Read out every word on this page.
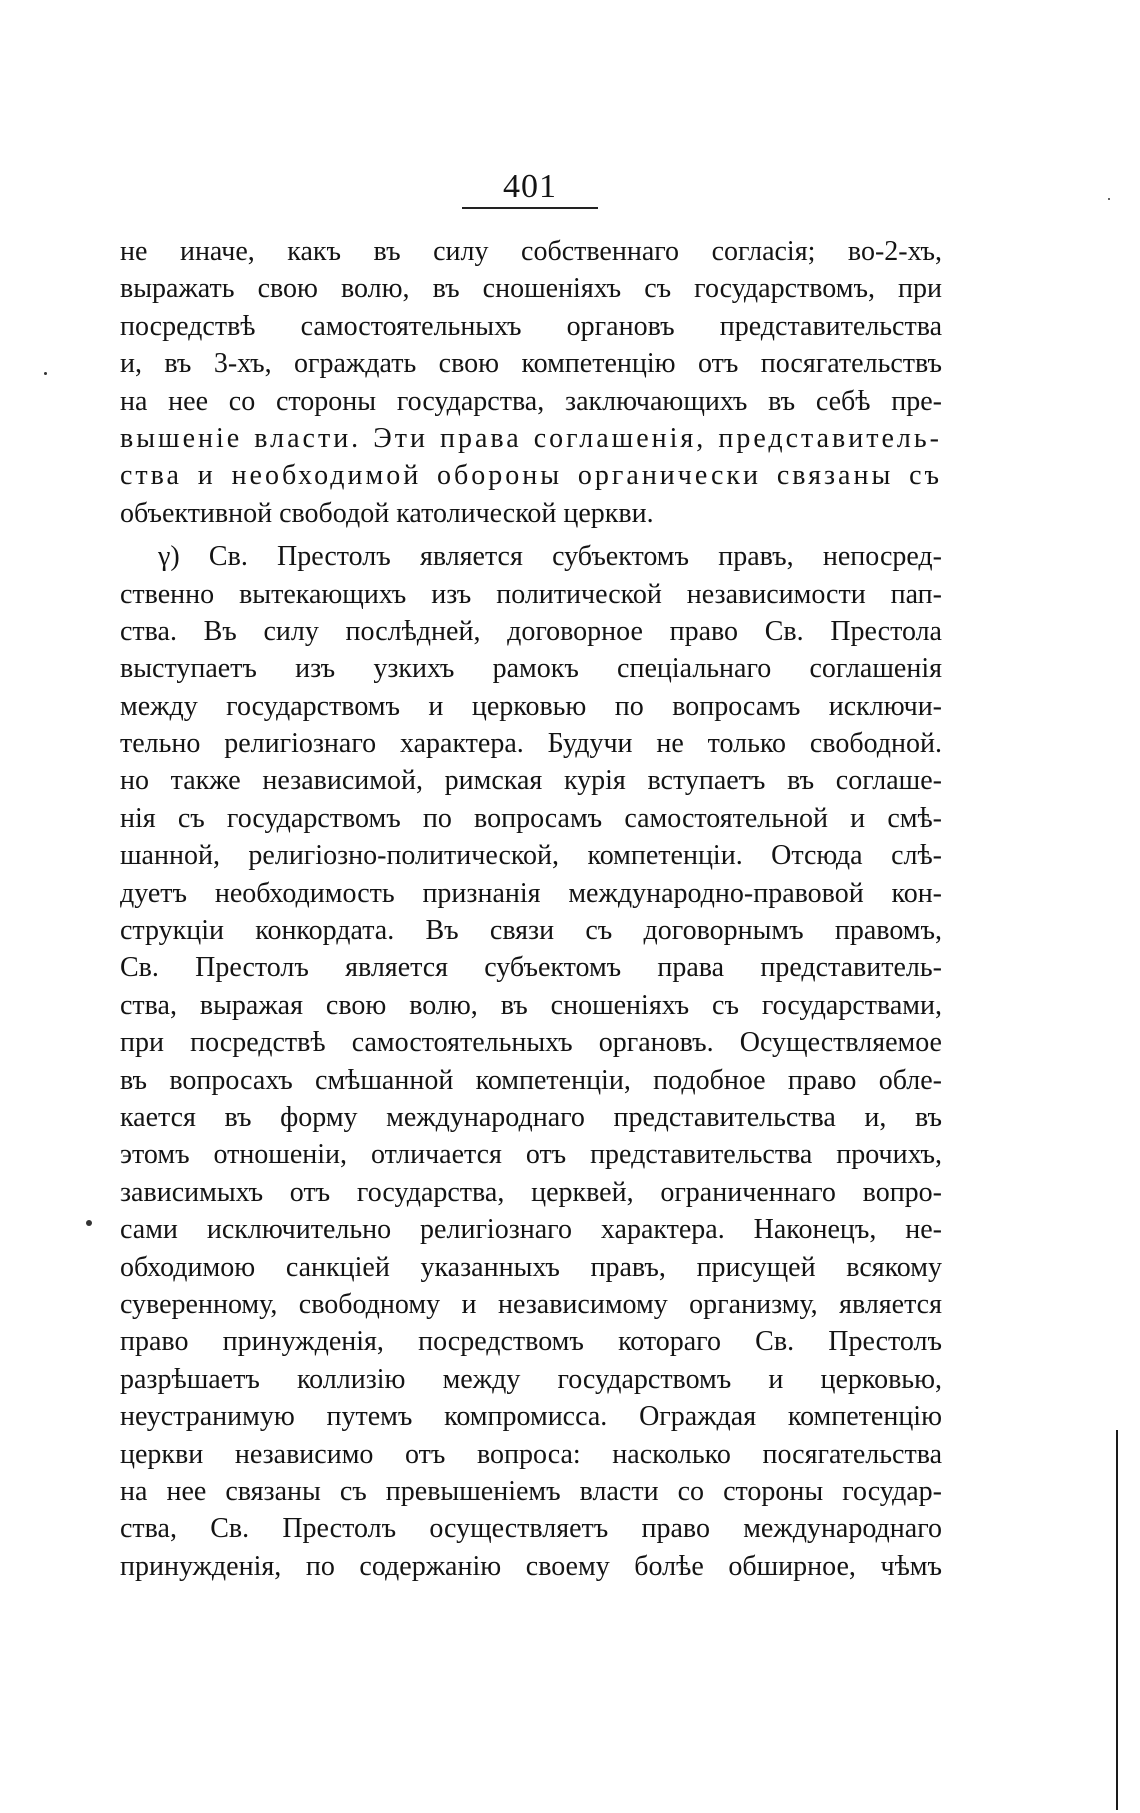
401
не иначе, какъ въ силу собственнаго согласія; во-2-хъ,
выражать свою волю, въ сношеніяхъ съ государствомъ, при
посредствѣ самостоятельныхъ органовъ представительства
и, въ 3-хъ, ограждать свою компетенцію отъ посягательствъ
на нее со стороны государства, заключающихъ въ себѣ пре-
вышеніе власти. Эти права соглашенія, представитель-
ства и необходимой обороны органически связаны съ
объективной свободой католической церкви.
γ) Св. Престолъ является субъектомъ правъ, непосред-
ственно вытекающихъ изъ политической независимости пап-
ства. Въ силу послѣдней, договорное право Св. Престола
выступаетъ изъ узкихъ рамокъ спеціальнаго соглашенія
между государствомъ и церковью по вопросамъ исключи-
тельно религіознаго характера. Будучи не только свободной.
но также независимой, римская курія вступаетъ въ соглаше-
нія съ государствомъ по вопросамъ самостоятельной и смѣ-
шанной, религіозно-политической, компетенціи. Отсюда слѣ-
дуетъ необходимость признанія международно-правовой кон-
струкціи конкордата. Въ связи съ договорнымъ правомъ,
Св. Престолъ является субъектомъ права представитель-
ства, выражая свою волю, въ сношеніяхъ съ государствами,
при посредствѣ самостоятельныхъ органовъ. Осуществляемое
въ вопросахъ смѣшанной компетенціи, подобное право обле-
кается въ форму международнаго представительства и, въ
этомъ отношеніи, отличается отъ представительства прочихъ,
зависимыхъ отъ государства, церквей, ограниченнаго вопро-
сами исключительно религіознаго характера. Наконецъ, не-
обходимою санкціей указанныхъ правъ, присущей всякому
суверенному, свободному и независимому организму, является
право принужденія, посредствомъ котораго Св. Престолъ
разрѣшаетъ коллизію между государствомъ и церковью,
неустранимую путемъ компромисса. Ограждая компетенцію
церкви независимо отъ вопроса: насколько посягательства
на нее связаны съ превышеніемъ власти со стороны государ-
ства, Св. Престолъ осуществляетъ право международнаго
принужденія, по содержанію своему болѣе обширное, чѣмъ
